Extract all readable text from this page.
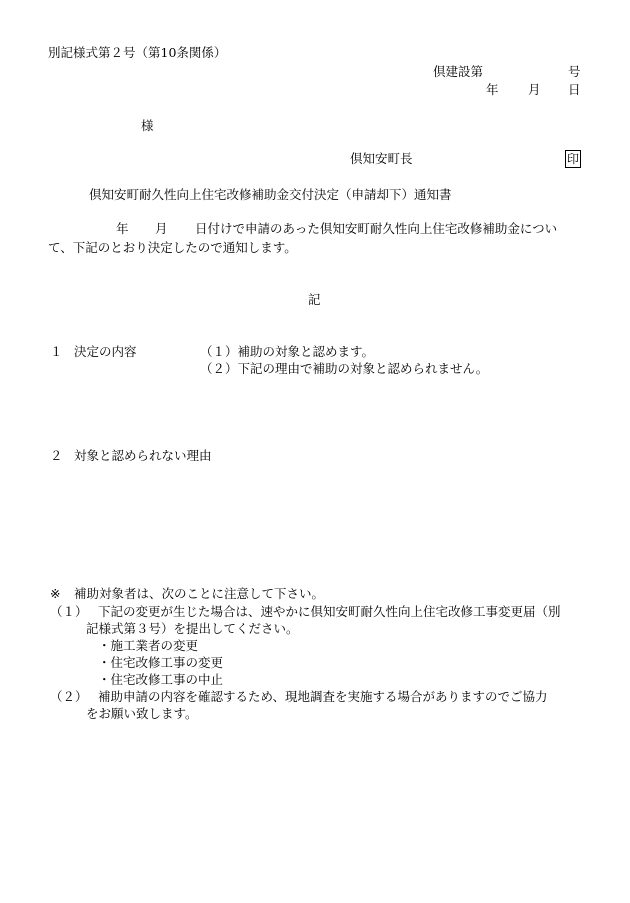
別記様式第２号（第10条関係）
倶建設第	号
年 月 日
様
倶知安町長	印
倶知安町耐久性向上住宅改修補助金交付決定（申請却下）通知書
年 月 日付けで申請のあった倶知安町耐久性向上住宅改修補助金につい
て、下記のとおり決定したので通知します。
記
１ 決定の内容	（１）補助の対象と認めます。
（２）下記の理由で補助の対象と認められません。
２ 対象と認められない理由
※ 補助対象者は、次のことに注意して下さい。
（１） 下記の変更が生じた場合は、速やかに倶知安町耐久性向上住宅改修工事変更届（別
記様式第３号）を提出してください。
・施工業者の変更
・住宅改修工事の変更
・住宅改修工事の中止
（２） 補助申請の内容を確認するため、現地調査を実施する場合がありますのでご協力
をお願い致します。
